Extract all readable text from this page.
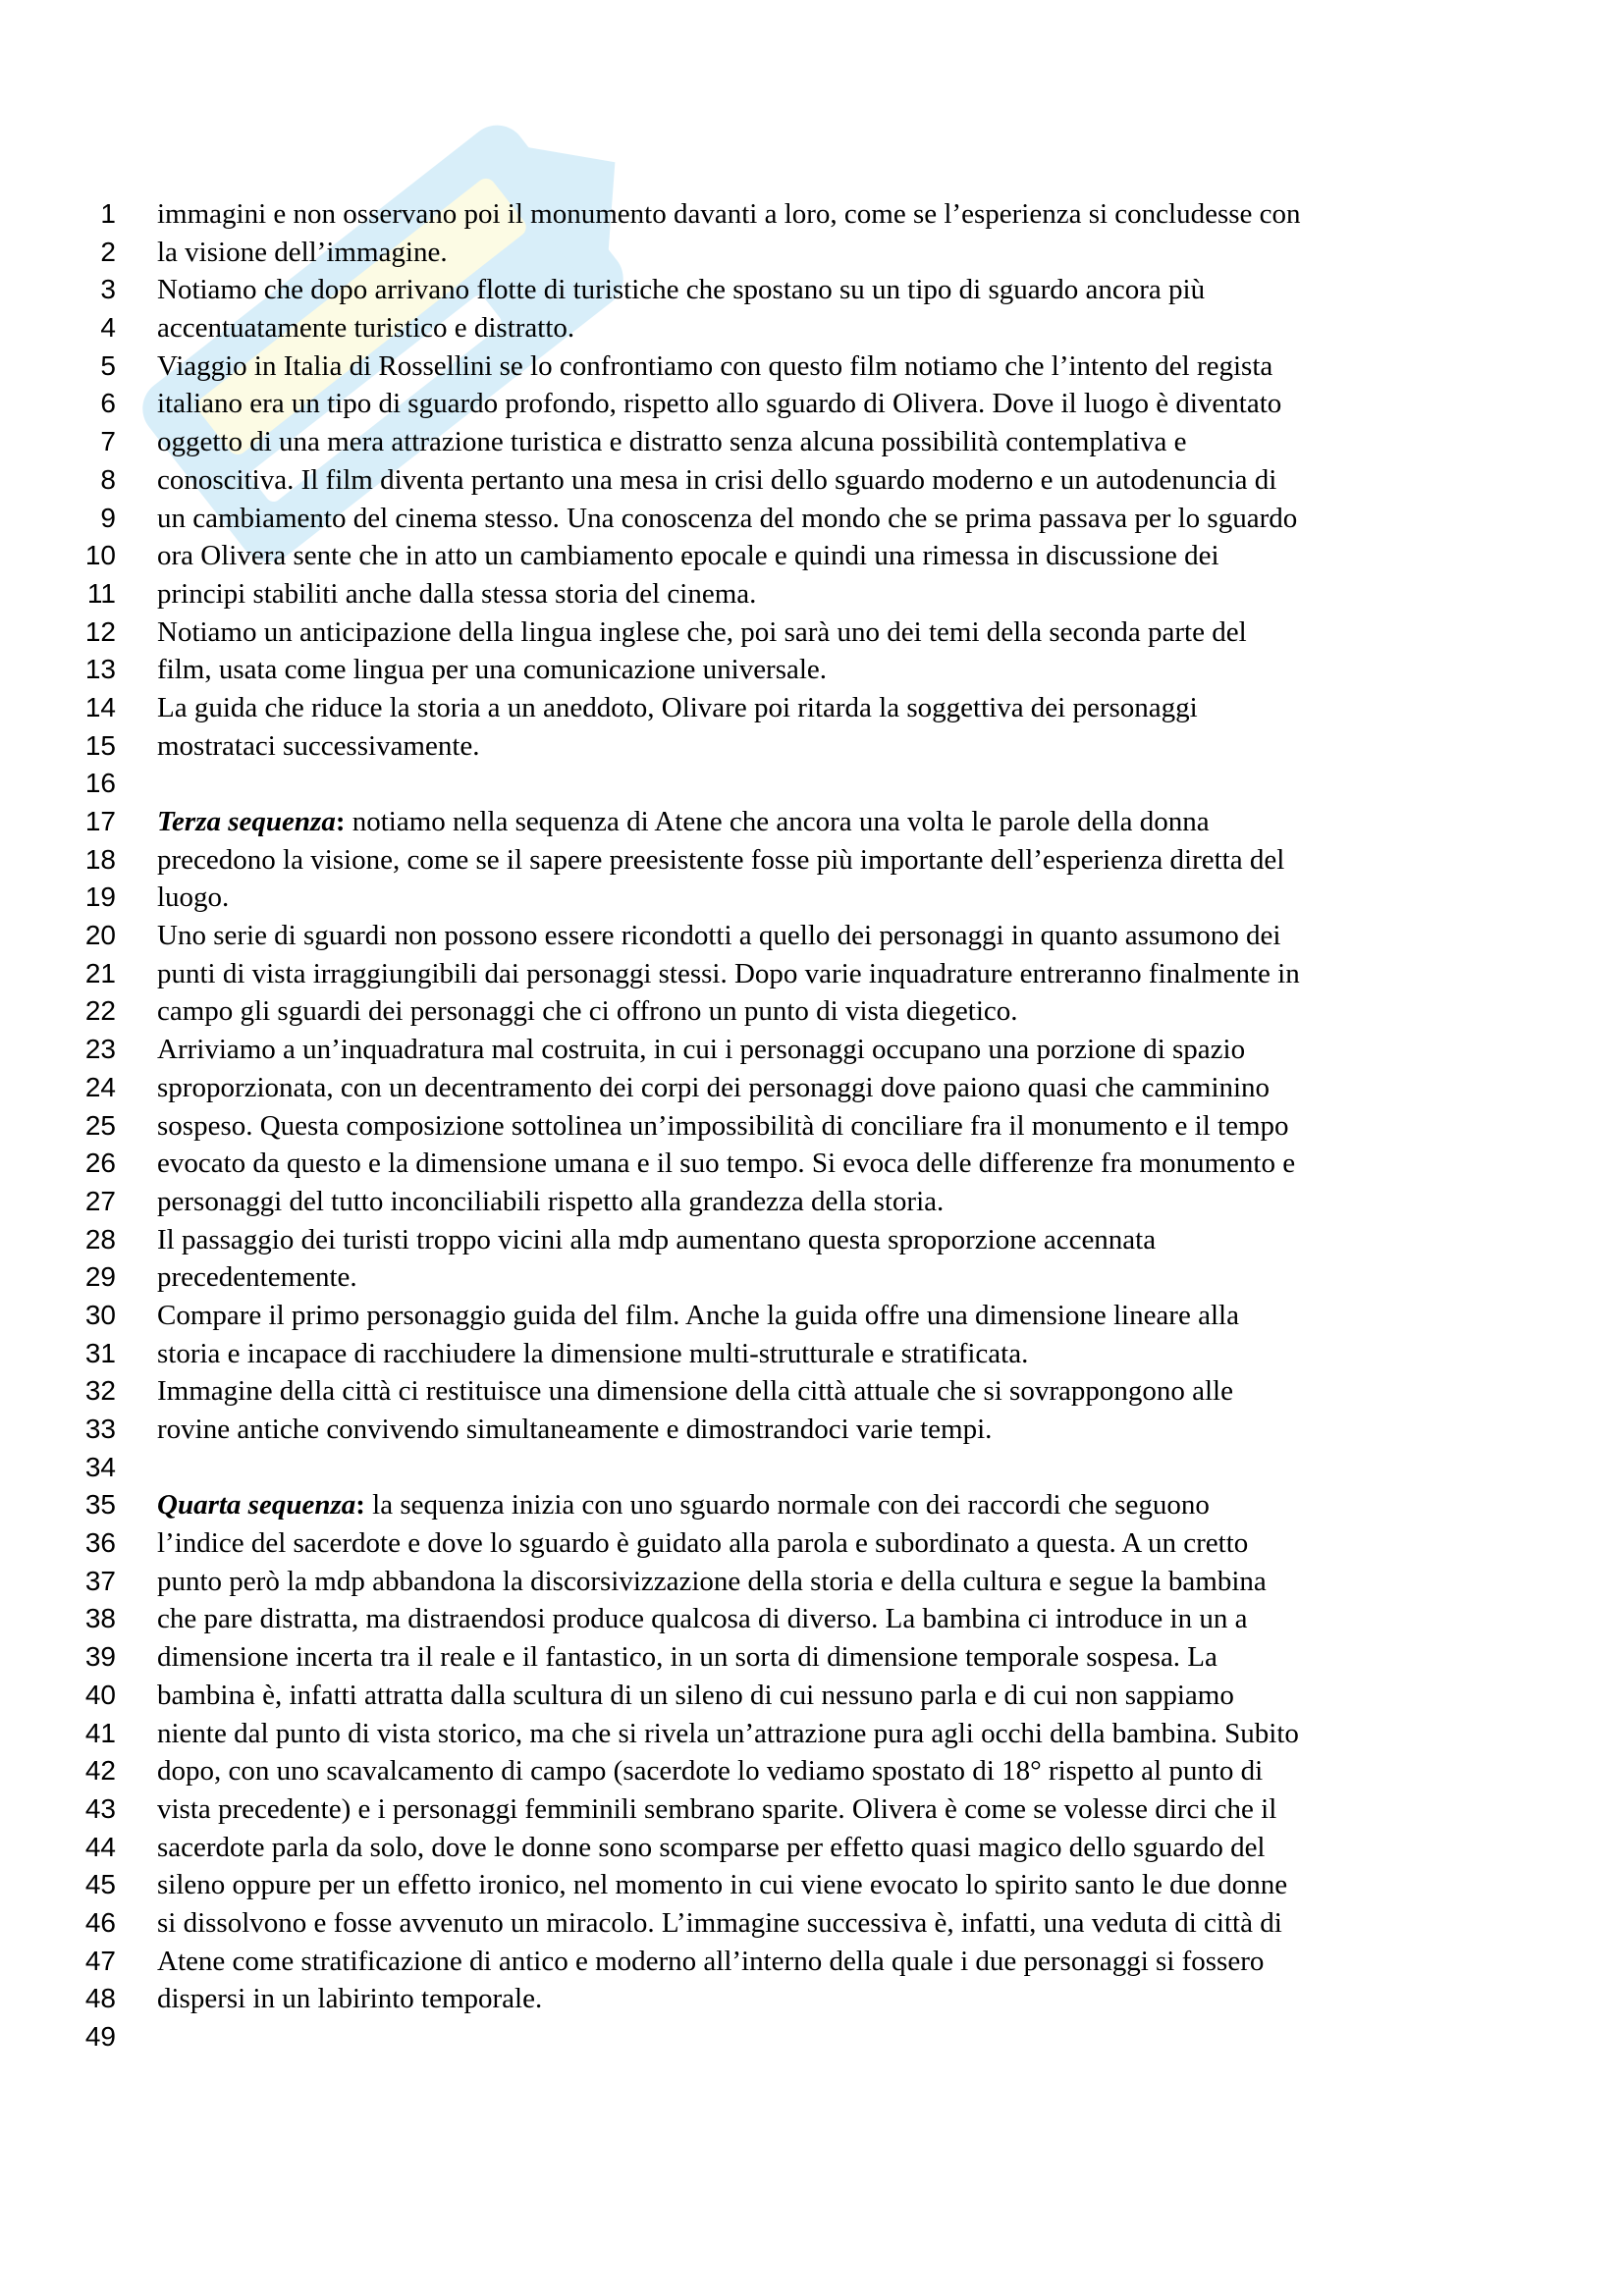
1 immagini e non osservano poi il monumento davanti a loro, come se l’esperienza si concludesse con
2 la visione dell’immagine.
3 Notiamo che dopo arrivano flotte di turistiche che spostano su un tipo di sguardo ancora più
4 accentuatamente turistico e distratto.
5 Viaggio in Italia di Rossellini se lo confrontiamo con questo film notiamo che l’intento del regista
6 italiano era un tipo di sguardo profondo, rispetto allo sguardo di Olivera. Dove il luogo è diventato
7 oggetto di una mera attrazione turistica e distratto senza alcuna possibilità contemplativa e
8 conoscitiva. Il film diventa pertanto una mesa in crisi dello sguardo moderno e un autodenuncia di
9 un cambiamento del cinema stesso. Una conoscenza del mondo che se prima passava per lo sguardo
10 ora Olivera sente che in atto un cambiamento epocale e quindi una rimessa in discussione dei
11 principi stabiliti anche dalla stessa storia del cinema.
12 Notiamo un anticipazione della lingua inglese che, poi sarà uno dei temi della seconda parte del
13 film, usata come lingua per una comunicazione universale.
14 La guida che riduce la storia a un aneddoto, Olivare poi ritarda la soggettiva dei personaggi
15 mostrataci successivamente.
16
17 Terza sequenza: notiamo nella sequenza di Atene che ancora una volta le parole della donna
18 precedono la visione, come se il sapere preesistente fosse più importante dell’esperienza diretta del
19 luogo.
20 Uno serie di sguardi non possono essere ricondotti a quello dei personaggi in quanto assumono dei
21 punti di vista irraggiungibili dai personaggi stessi. Dopo varie inquadrature entreranno finalmente in
22 campo gli sguardi dei personaggi che ci offrono un punto di vista diegetico.
23 Arriviamo a un’inquadratura mal costruita, in cui i personaggi occupano una porzione di spazio
24 sproporzionata, con un decentramento dei corpi dei personaggi dove paiono quasi che camminino
25 sospeso. Questa composizione sottolinea un’impossibilità di conciliare fra il monumento e il tempo
26 evocato da questo e la dimensione umana e il suo tempo. Si evoca delle differenze fra monumento e
27 personaggi del tutto inconciliabili rispetto alla grandezza della storia.
28 Il passaggio dei turisti troppo vicini alla mdp aumentano questa sproporzione accennata
29 precedentemente.
30 Compare il primo personaggio guida del film. Anche la guida offre una dimensione lineare alla
31 storia e incapace di racchiudere la dimensione multi-strutturale e stratificata.
32 Immagine della città ci restituisce una dimensione della città attuale che si sovrappongono alle
33 rovine antiche convivendo simultaneamente e dimostrandoci varie tempi.
34
35 Quarta sequenza: la sequenza inizia con uno sguardo normale con dei raccordi che seguono
36 l’indice del sacerdote e dove lo sguardo è guidato alla parola e subordinato a questa. A un cretto
37 punto però la mdp abbandona la discorsivizzazione della storia e della cultura e segue la bambina
38 che pare distratta, ma distraendosi produce qualcosa di diverso. La bambina ci introduce in un a
39 dimensione incerta tra il reale e il fantastico, in un sorta di dimensione temporale sospesa. La
40 bambina è, infatti attratta dalla scultura di un sileno di cui nessuno parla e di cui non sappiamo
41 niente dal punto di vista storico, ma che si rivela un’attrazione pura agli occhi della bambina. Subito
42 dopo, con uno scavalcamento di campo (sacerdote lo vediamo spostato di 18° rispetto al punto di
43 vista precedente) e i personaggi femminili sembrano sparite. Olivera è come se volesse dirci che il
44 sacerdote parla da solo, dove le donne sono scomparse per effetto quasi magico dello sguardo del
45 sileno oppure per un effetto ironico, nel momento in cui viene evocato lo spirito santo le due donne
46 si dissolvono e fosse avvenuto un miracolo. L’immagine successiva è, infatti, una veduta di città di
47 Atene come stratificazione di antico e moderno all’interno della quale i due personaggi si fossero
48 dispersi in un labirinto temporale.
49
